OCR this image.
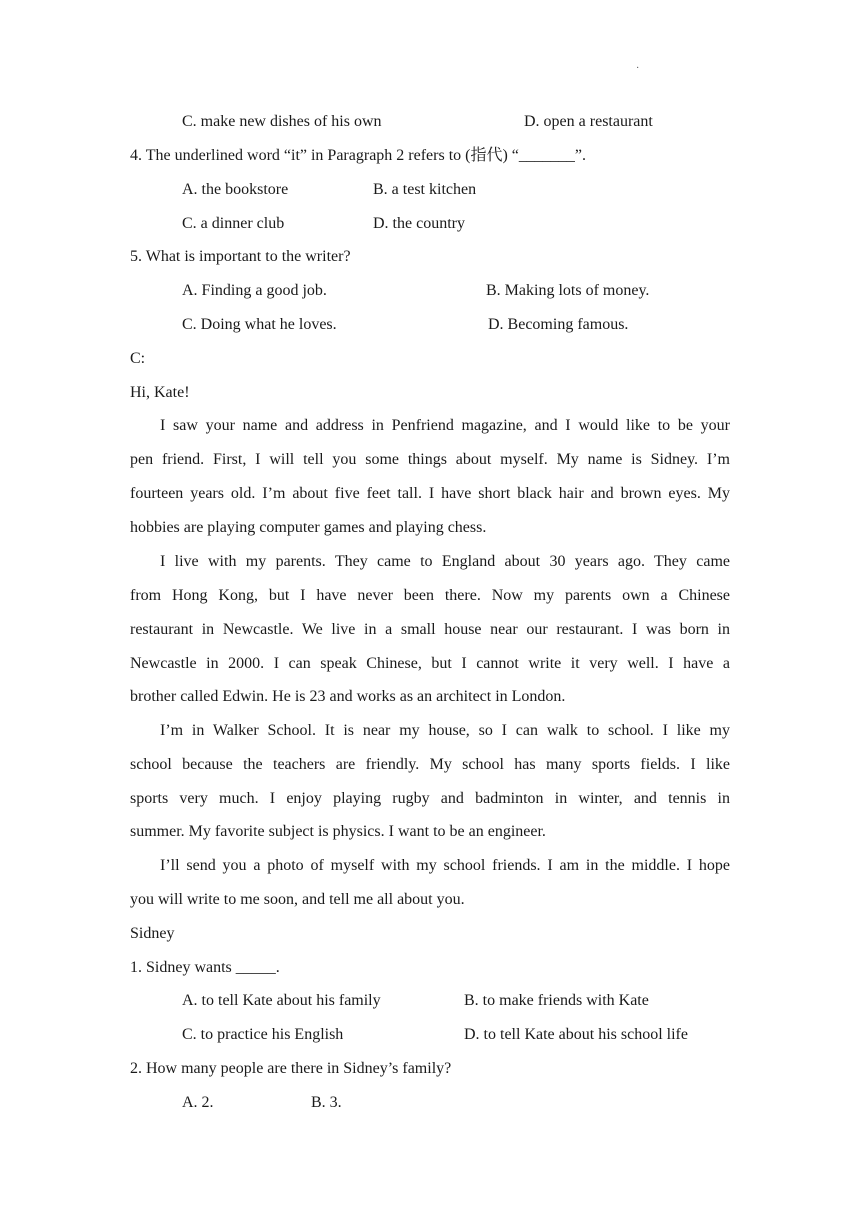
·
C. make new dishes of his own	D. open a restaurant
4. The underlined word “it” in Paragraph 2 refers to (指代) “_______”.
A. the bookstore	B. a test kitchen
C. a dinner club	D. the country
5. What is important to the writer?
A. Finding a good job.	B. Making lots of money.
C. Doing what he loves.	D. Becoming famous.
C:
Hi, Kate!
I saw your name and address in Penfriend magazine, and I would like to be your
pen friend. First, I will tell you some things about myself. My name is Sidney. I’m
fourteen years old. I’m about five feet tall. I have short black hair and brown eyes. My
hobbies are playing computer games and playing chess.
I live with my parents. They came to England about 30 years ago. They came
from Hong Kong, but I have never been there. Now my parents own a Chinese
restaurant in Newcastle. We live in a small house near our restaurant. I was born in
Newcastle in 2000. I can speak Chinese, but I cannot write it very well. I have a
brother called Edwin. He is 23 and works as an architect in London.
I’m in Walker School. It is near my house, so I can walk to school. I like my
school because the teachers are friendly. My school has many sports fields. I like
sports very much. I enjoy playing rugby and badminton in winter, and tennis in
summer. My favorite subject is physics. I want to be an engineer.
I’ll send you a photo of myself with my school friends. I am in the middle. I hope
you will write to me soon, and tell me all about you.
Sidney
1. Sidney wants _____.
A. to tell Kate about his family	B. to make friends with Kate
C. to practice his English	D. to tell Kate about his school life
2. How many people are there in Sidney’s family?
A. 2.	B. 3.
